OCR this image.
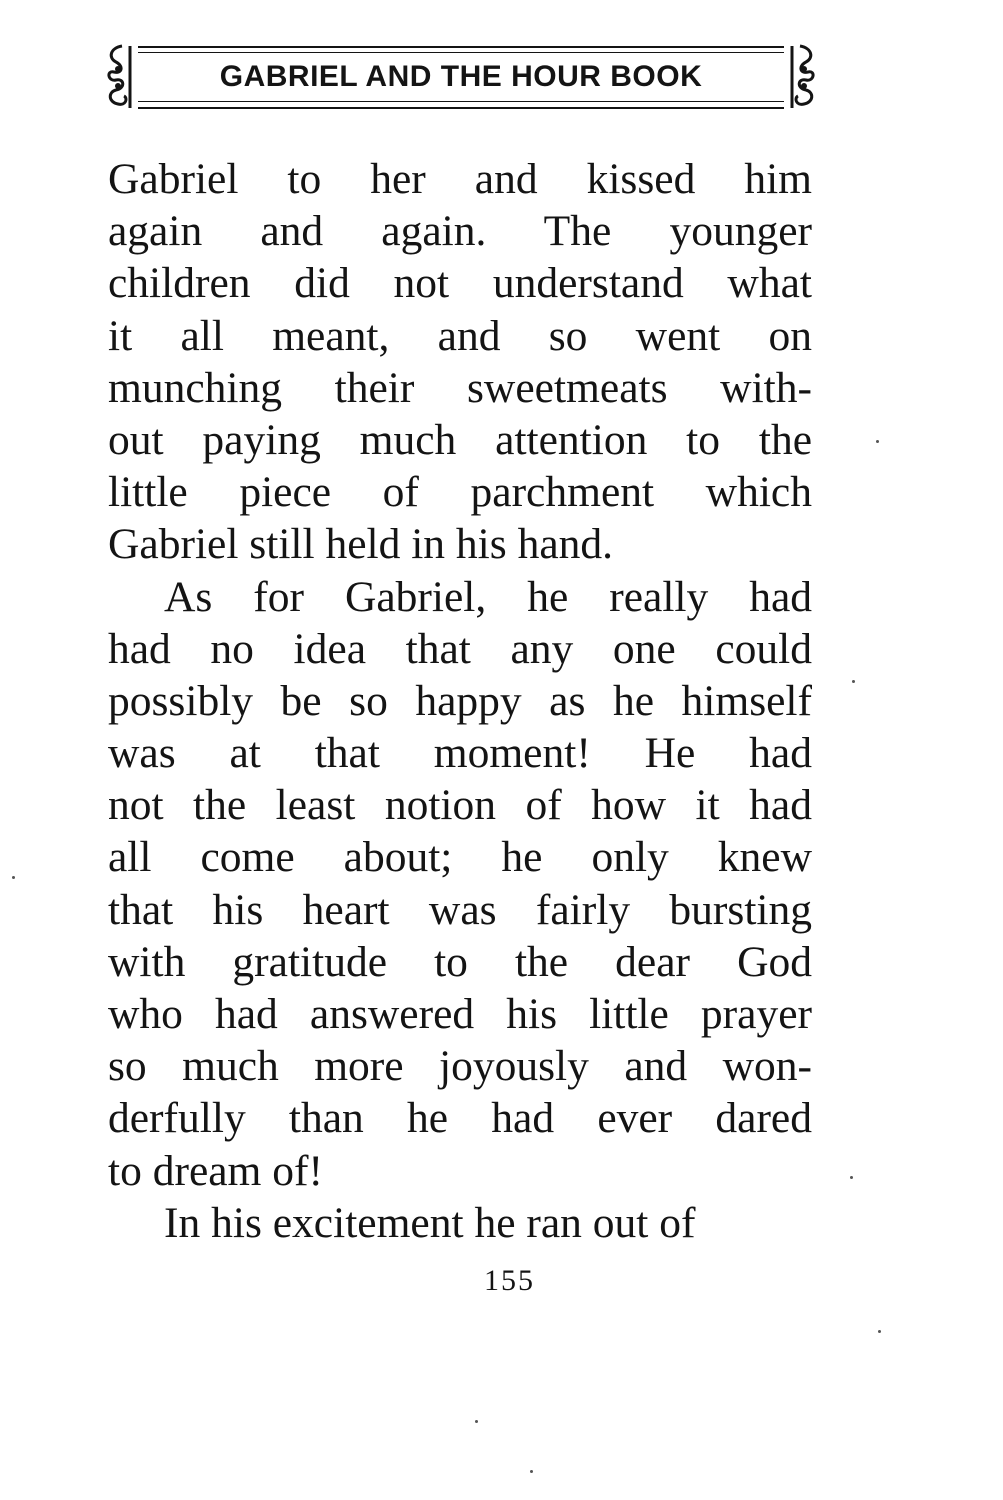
GABRIEL AND THE HOUR BOOK
Gabriel to her and kissed him
again and again. The younger
children did not understand what
it all meant, and so went on
munching their sweetmeats with-
out paying much attention to the
little piece of parchment which
Gabriel still held in his hand.
As for Gabriel, he really had
had no idea that any one could
possibly be so happy as he himself
was at that moment! He had
not the least notion of how it had
all come about; he only knew
that his heart was fairly bursting
with gratitude to the dear God
who had answered his little prayer
so much more joyously and won-
derfully than he had ever dared
to dream of!
In his excitement he ran out of
155
